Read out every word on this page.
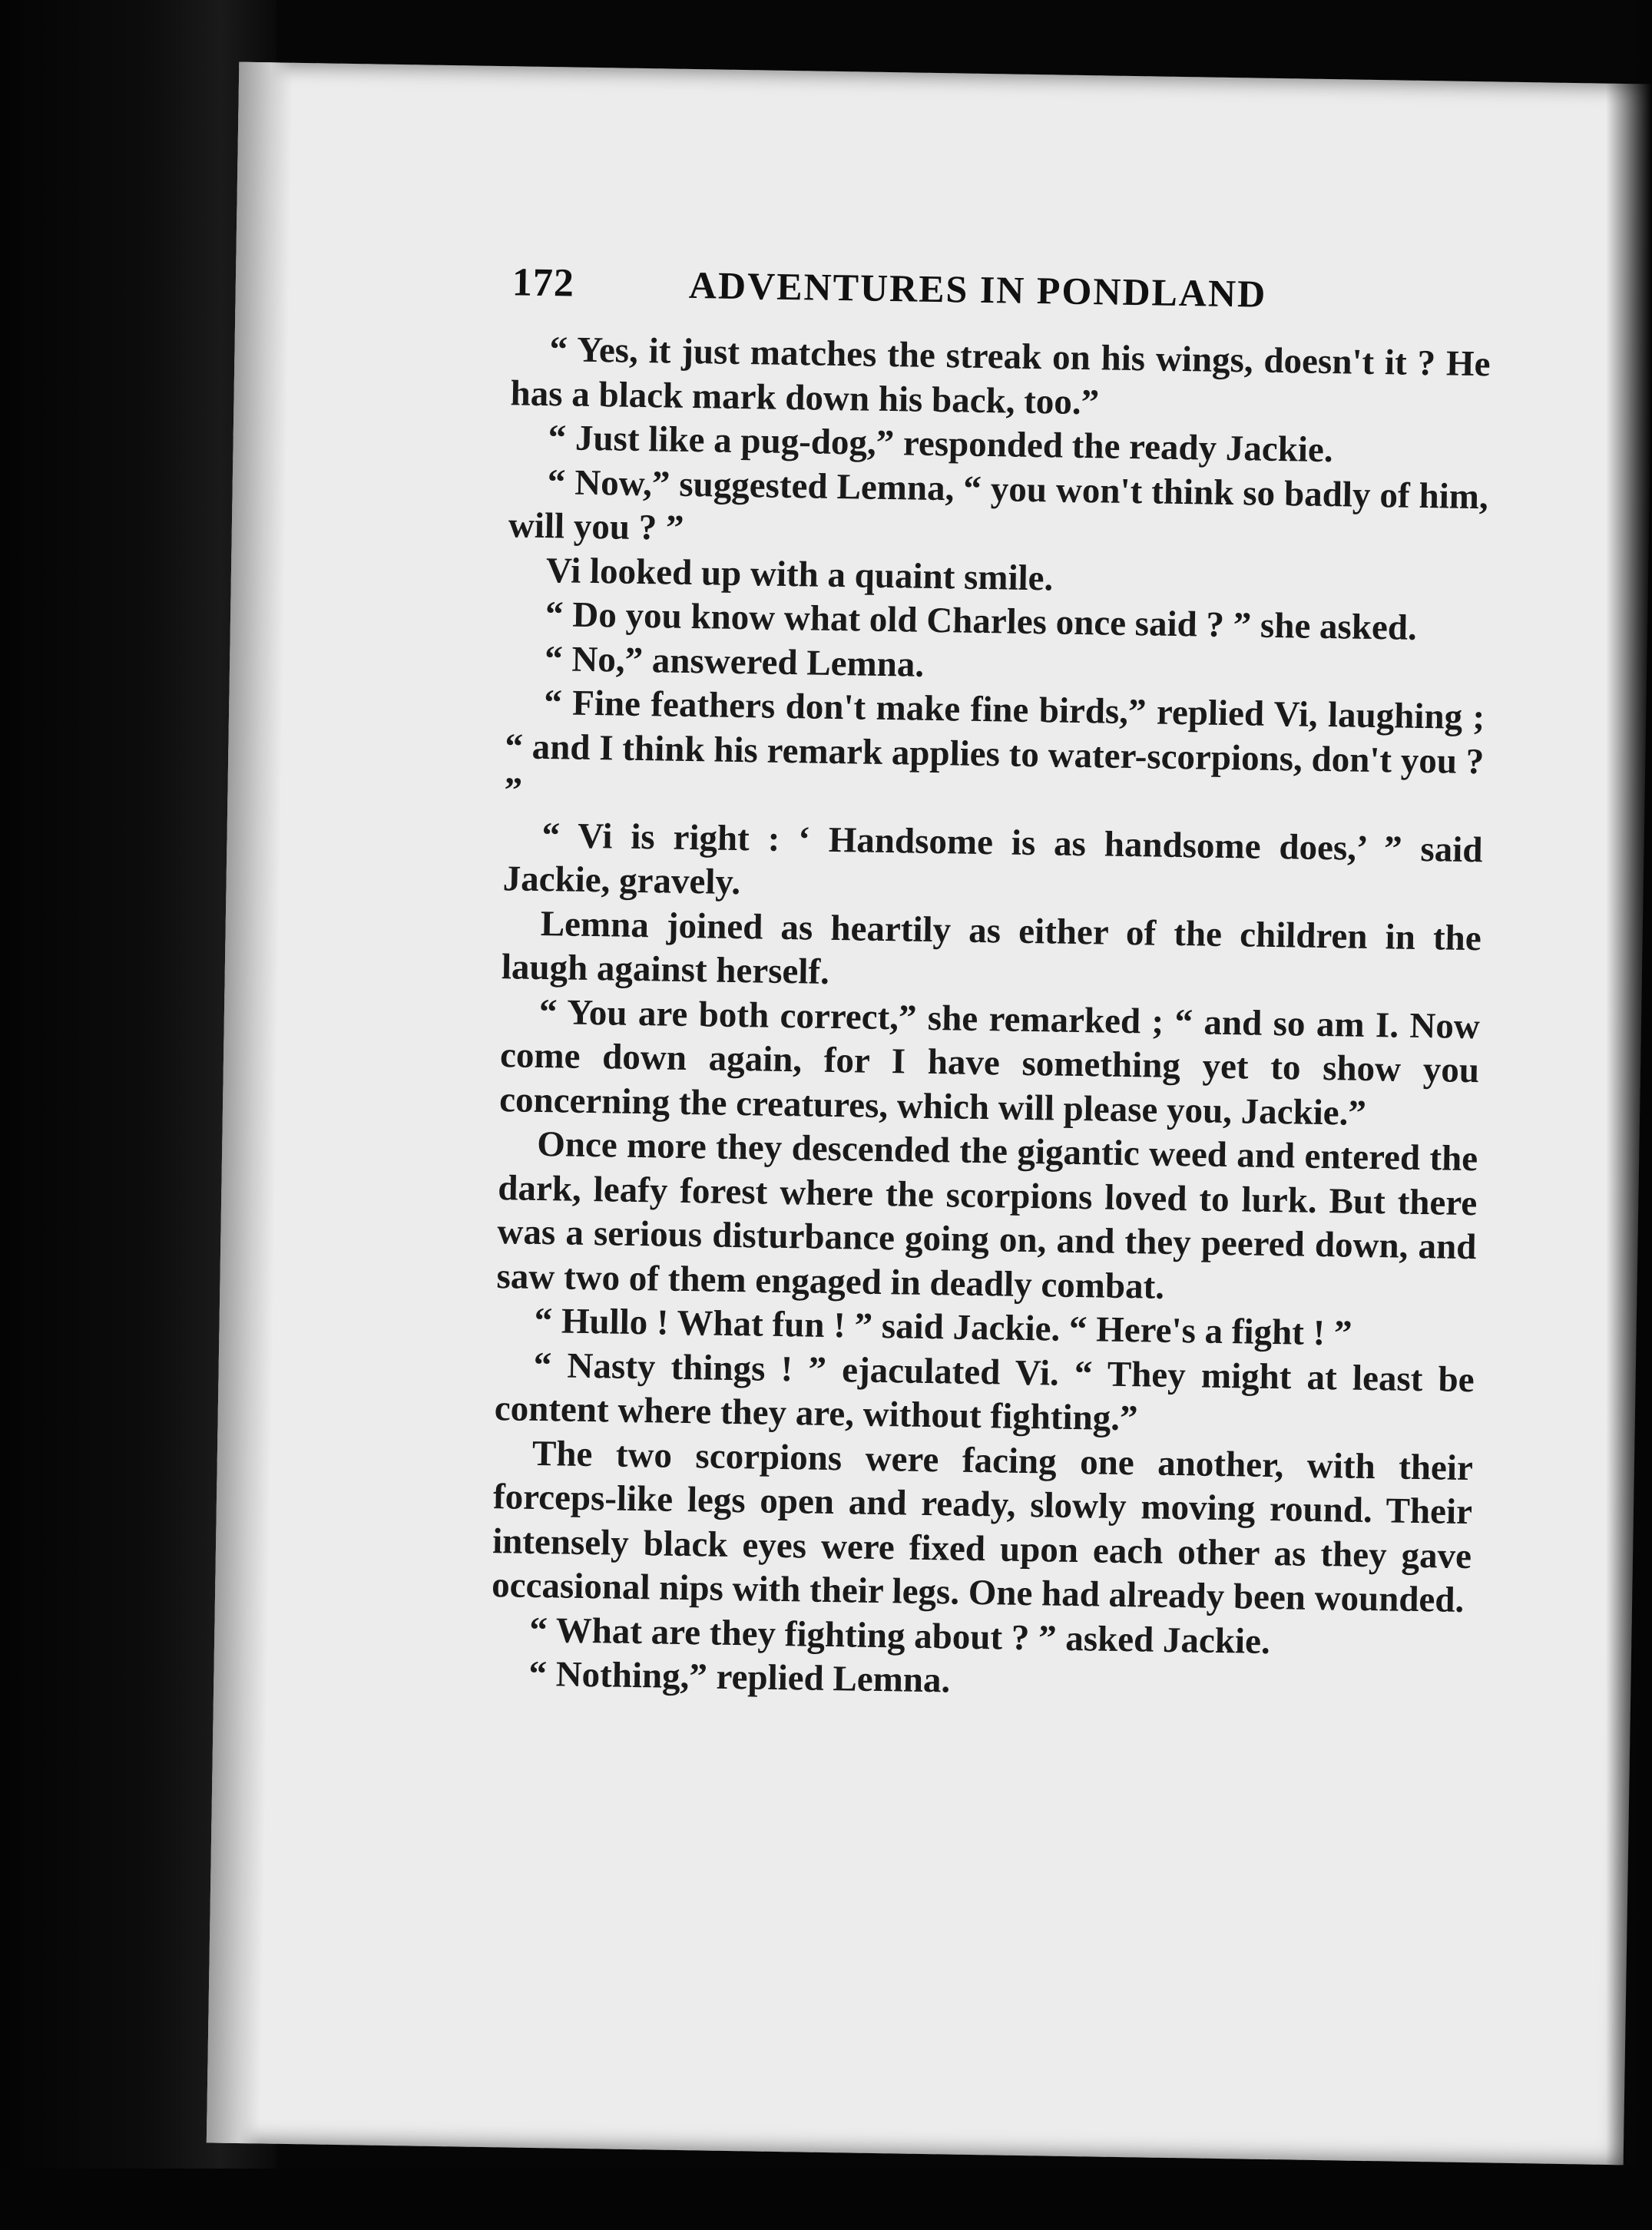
172	ADVENTURES IN PONDLAND

“ Yes, it just matches the streak on his wings, doesn't it ? He has a black mark down his back, too.”

“ Just like a pug-dog,” responded the ready Jackie.

“ Now,” suggested Lemna, “ you won't think so badly of him, will you ? ”

Vi looked up with a quaint smile.

“ Do you know what old Charles once said ? ” she asked.

“ No,” answered Lemna.

“ Fine feathers don't make fine birds,” replied Vi, laughing ; “ and I think his remark applies to water-scorpions, don't you ? ”

“ Vi is right : ‘ Handsome is as handsome does,’ ” said Jackie, gravely.

Lemna joined as heartily as either of the children in the laugh against herself.

“ You are both correct,” she remarked ; “ and so am I. Now come down again, for I have something yet to show you concerning the creatures, which will please you, Jackie.”

Once more they descended the gigantic weed and entered the dark, leafy forest where the scorpions loved to lurk. But there was a serious disturbance going on, and they peered down, and saw two of them engaged in deadly combat.

“ Hullo ! What fun ! ” said Jackie. “ Here's a fight ! ”

“ Nasty things ! ” ejaculated Vi. “ They might at least be content where they are, without fighting.”

The two scorpions were facing one another, with their forceps-like legs open and ready, slowly moving round. Their intensely black eyes were fixed upon each other as they gave occasional nips with their legs. One had already been wounded.

“ What are they fighting about ? ” asked Jackie.

“ Nothing,” replied Lemna.
